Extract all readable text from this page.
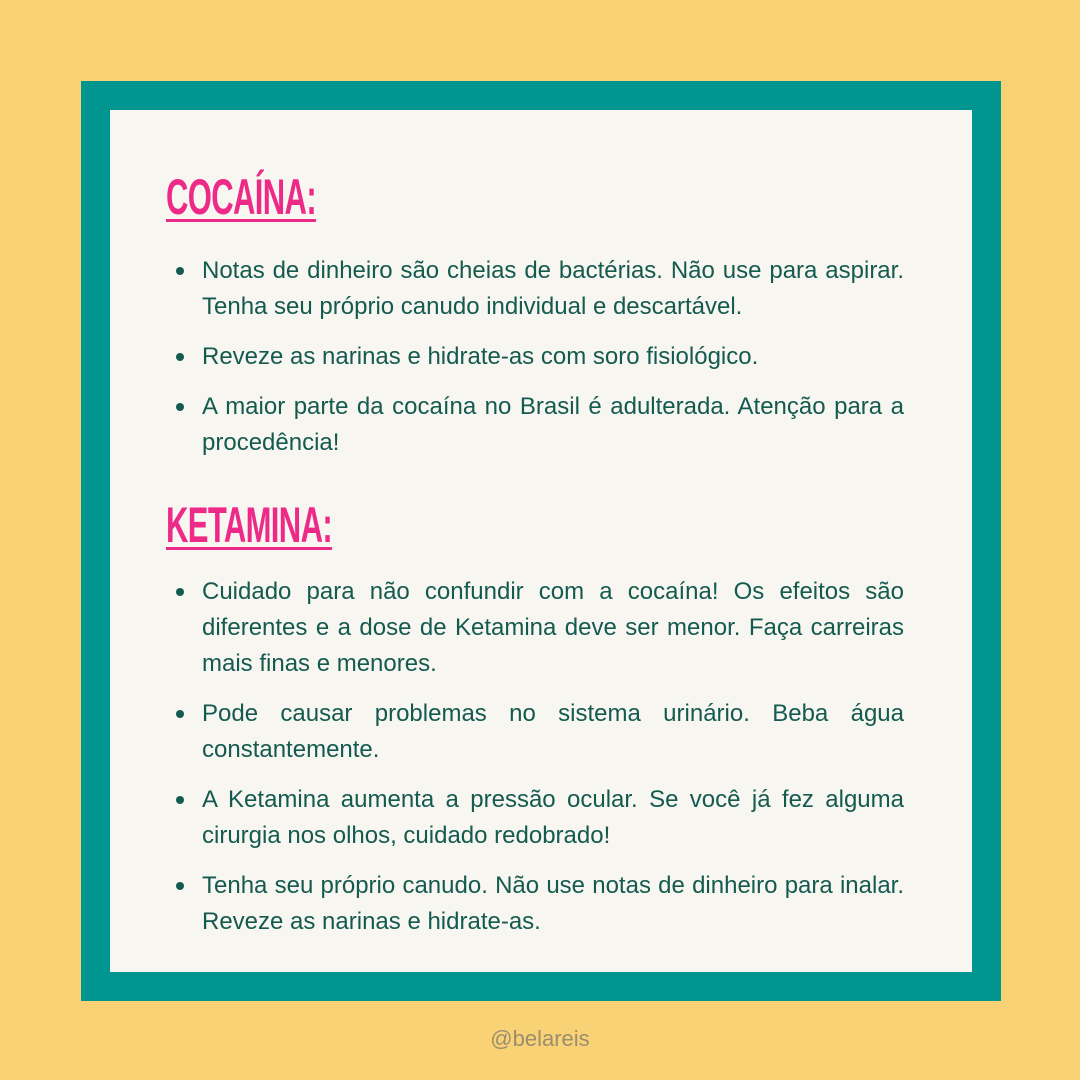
COCAÍNA:
Notas de dinheiro são cheias de bactérias. Não use para aspirar. Tenha seu próprio canudo individual e descartável.
Reveze as narinas e hidrate-as com soro fisiológico.
A maior parte da cocaína no Brasil é adulterada. Atenção para a procedência!
KETAMINA:
Cuidado para não confundir com a cocaína! Os efeitos são diferentes e a dose de Ketamina deve ser menor. Faça carreiras mais finas e menores.
Pode causar problemas no sistema urinário. Beba água constantemente.
A Ketamina aumenta a pressão ocular. Se você já fez alguma cirurgia nos olhos, cuidado redobrado!
Tenha seu próprio canudo. Não use notas de dinheiro para inalar. Reveze as narinas e hidrate-as.
@belareis
